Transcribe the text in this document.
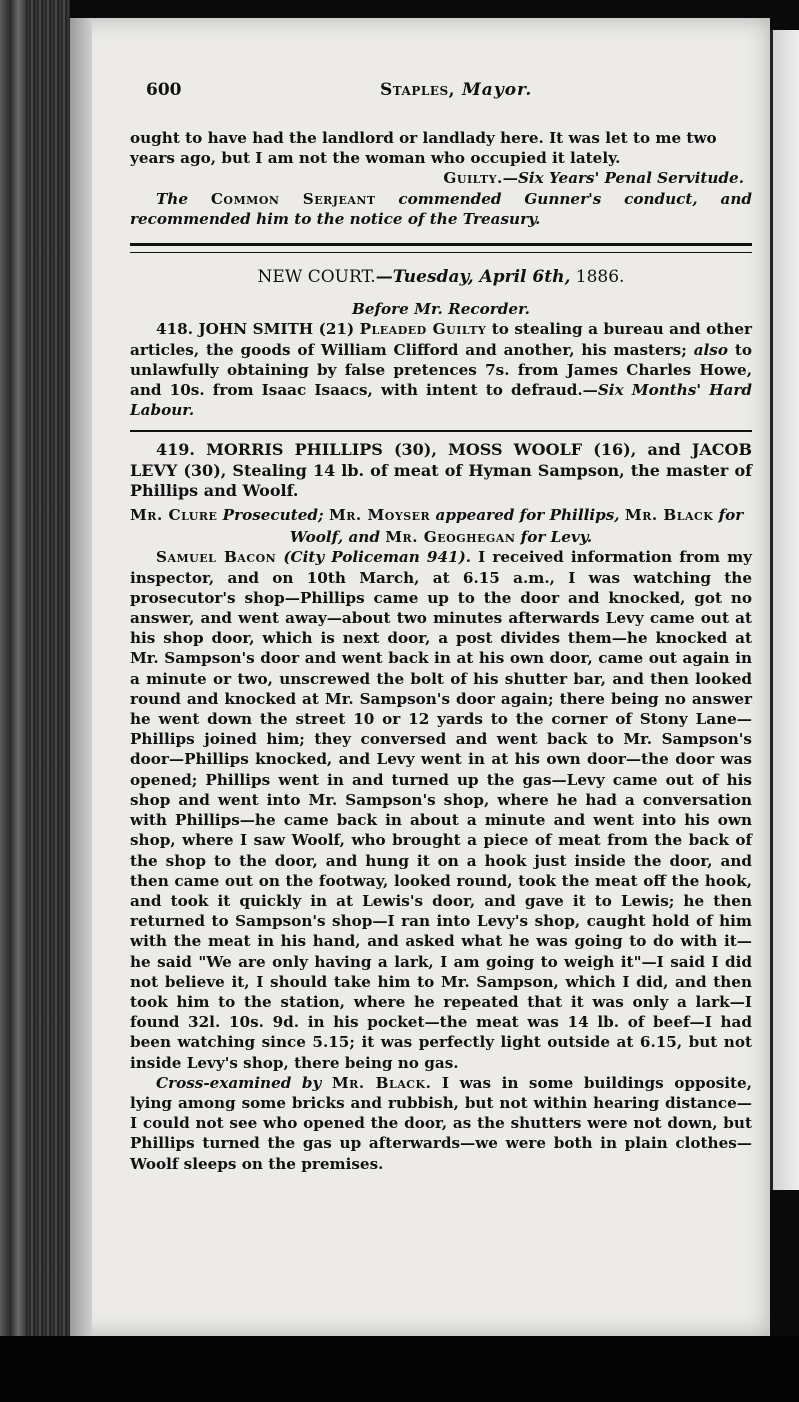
600	Staples, Mayor.

ought to have had the landlord or landlady here. It was let to me two

years ago, but I am not the woman who occupied it lately.

Guilty.—Six Years' Penal Servitude.

The Common Serjeant commended Gunner's conduct, and recommended him to the notice of the Treasury.

NEW COURT.—Tuesday, April 6th, 1886.

Before Mr. Recorder.

418. JOHN SMITH (21) Pleaded Guilty to stealing a bureau and other articles, the goods of William Clifford and another, his masters; also to unlawfully obtaining by false pretences 7s. from James Charles Howe, and 10s. from Isaac Isaacs, with intent to defraud.—Six Months' Hard Labour.

419. MORRIS PHILLIPS (30), MOSS WOOLF (16), and JACOB LEVY (30), Stealing 14 lb. of meat of Hyman Sampson, the master of Phillips and Woolf.

Mr. Clure Prosecuted; Mr. Moyser appeared for Phillips, Mr. Black for

Woolf, and Mr. Geoghegan for Levy.

Samuel Bacon (City Policeman 941). I received information from my inspector, and on 10th March, at 6.15 a.m., I was watching the prosecutor's shop—Phillips came up to the door and knocked, got no answer, and went away—about two minutes afterwards Levy came out at his shop door, which is next door, a post divides them—he knocked at Mr. Sampson's door and went back in at his own door, came out again in a minute or two, unscrewed the bolt of his shutter bar, and then looked round and knocked at Mr. Sampson's door again; there being no answer he went down the street 10 or 12 yards to the corner of Stony Lane—Phillips joined him; they conversed and went back to Mr. Sampson's door—Phillips knocked, and Levy went in at his own door—the door was opened; Phillips went in and turned up the gas—Levy came out of his shop and went into Mr. Sampson's shop, where he had a conversation with Phillips—he came back in about a minute and went into his own shop, where I saw Woolf, who brought a piece of meat from the back of the shop to the door, and hung it on a hook just inside the door, and then came out on the footway, looked round, took the meat off the hook, and took it quickly in at Lewis's door, and gave it to Lewis; he then returned to Sampson's shop—I ran into Levy's shop, caught hold of him with the meat in his hand, and asked what he was going to do with it—he said "We are only having a lark, I am going to weigh it"—I said I did not believe it, I should take him to Mr. Sampson, which I did, and then took him to the station, where he repeated that it was only a lark—I found 32l. 10s. 9d. in his pocket—the meat was 14 lb. of beef—I had been watching since 5.15; it was perfectly light outside at 6.15, but not inside Levy's shop, there being no gas.

Cross-examined by Mr. Black. I was in some buildings opposite, lying among some bricks and rubbish, but not within hearing distance—I could not see who opened the door, as the shutters were not down, but Phillips turned the gas up afterwards—we were both in plain clothes—Woolf sleeps on the premises.
